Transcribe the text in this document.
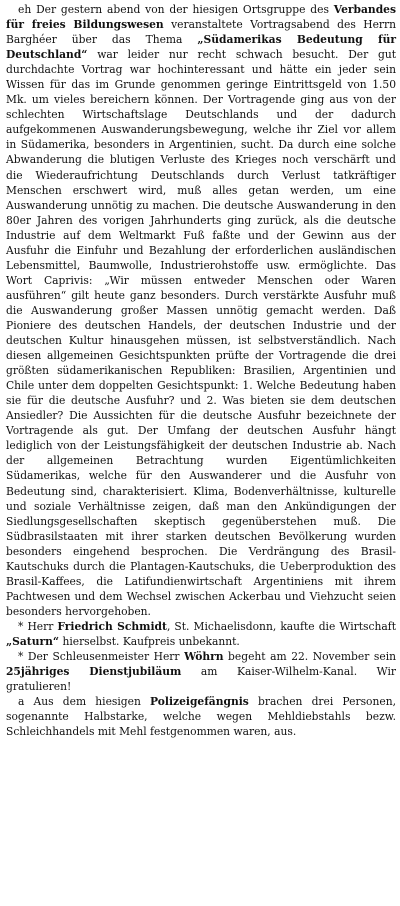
eh Der gestern abend von der hiesigen Ortsgruppe des Verbandes für freies Bildungswesen veranstaltete Vortragsabend des Herrn Barghéer über das Thema „Südamerikas Bedeutung für Deutschland“ war leider nur recht schwach besucht. Der gut durchdachte Vortrag war hochinteressant und hätte ein jeder sein Wissen für das im Grunde genommen geringe Eintrittsgeld von 1.50 Mk. um vieles bereichern können. Der Vortragende ging aus von der schlechten Wirtschaftslage Deutschlands und der dadurch aufgekommenen Auswanderungsbewegung, welche ihr Ziel vor allem in Südamerika, besonders in Argentinien, sucht. Da durch eine solche Abwanderung die blutigen Verluste des Krieges noch verschärft und die Wiederaufrichtung Deutschlands durch Verlust tatkräftiger Menschen erschwert wird, muß alles getan werden, um eine Auswanderung unnötig zu machen. Die deutsche Auswanderung in den 80er Jahren des vorigen Jahrhunderts ging zurück, als die deutsche Industrie auf dem Weltmarkt Fuß faßte und der Gewinn aus der Ausfuhr die Einfuhr und Bezahlung der erforderlichen ausländischen Lebensmittel, Baumwolle, Industrierohstoffe usw. ermöglichte. Das Wort Caprivis: „Wir müssen entweder Menschen oder Waren ausführen“ gilt heute ganz besonders. Durch verstärkte Ausfuhr muß die Auswanderung großer Massen unnötig gemacht werden. Daß Pioniere des deutschen Handels, der deutschen Industrie und der deutschen Kultur hinausgehen müssen, ist selbstverständlich. Nach diesen allgemeinen Gesichtspunkten prüfte der Vortragende die drei größten südamerikanischen Republiken: Brasilien, Argentinien und Chile unter dem doppelten Gesichtspunkt: 1. Welche Bedeutung haben sie für die deutsche Ausfuhr? und 2. Was bieten sie dem deutschen Ansiedler? Die Aussichten für die deutsche Ausfuhr bezeichnete der Vortragende als gut. Der Umfang der deutschen Ausfuhr hängt lediglich von der Leistungsfähigkeit der deutschen Industrie ab. Nach der allgemeinen Betrachtung wurden Eigentümlichkeiten Südamerikas, welche für den Auswanderer und die Ausfuhr von Bedeutung sind, charakterisiert. Klima, Bodenverhältnisse, kulturelle und soziale Verhältnisse zeigen, daß man den Ankündigungen der Siedlungsgesellschaften skeptisch gegenüberstehen muß. Die Südbrasilstaaten mit ihrer starken deutschen Bevölkerung wurden besonders eingehend besprochen. Die Verdrängung des Brasil-Kautschuks durch die Plantagen-Kautschuks, die Ueberproduktion des Brasil-Kaffees, die Latifundienwirtschaft Argentiniens mit ihrem Pachtwesen und dem Wechsel zwischen Ackerbau und Viehzucht seien besonders hervorgehoben.

* Herr Friedrich Schmidt, St. Michaelisdonn, kaufte die Wirtschaft „Saturn“ hierselbst. Kaufpreis unbekannt.

* Der Schleusenmeister Herr Wöhrn begeht am 22. November sein 25jähriges Dienstjubiläum am Kaiser-Wilhelm-Kanal. Wir gratulieren!

a Aus dem hiesigen Polizeigefängnis brachen drei Personen, sogenannte Halbstarke, welche wegen Mehldiebstahls bezw. Schleichhandels mit Mehl festgenommen waren, aus.
